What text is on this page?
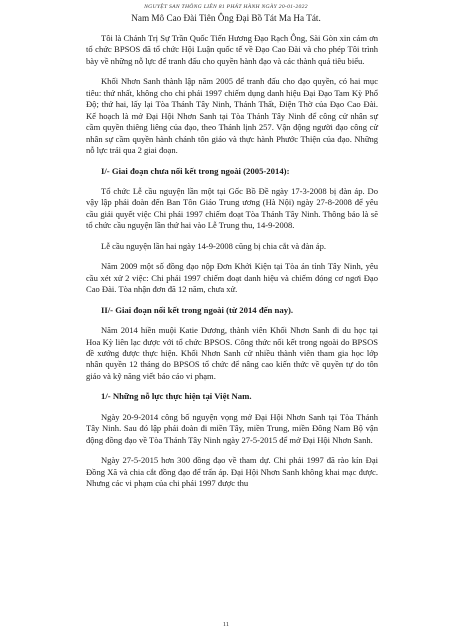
NGUYỆT SAN THÔNG LIÊN 81 PHÁT HÀNH NGÀY 20-01-2022
Nam Mô Cao Đài Tiên Ông Đại Bồ Tát Ma Ha Tát.

Tôi là Chánh Trị Sự Trần Quốc Tiến Hương Đạo Rạch Ông, Sài Gòn xin cám ơn tổ chức BPSOS đã tổ chức Hội Luận quốc tế về Đạo Cao Đài và cho phép Tôi trình bày về những nỗ lực để tranh đấu cho quyền hành đạo và các thành quả tiêu biểu.

Khối Nhơn Sanh thành lập năm 2005 để tranh đấu cho đạo quyền, có hai mục tiêu: thứ nhất, không cho chi phái 1997 chiếm dụng danh hiệu Đại Đạo Tam Kỳ Phổ Độ; thứ hai, lấy lại Tòa Thánh Tây Ninh, Thánh Thất, Điện Thờ của Đạo Cao Đài. Kế hoạch là mở Đại Hội Nhơn Sanh tại Tòa Thánh Tây Ninh để công cử nhân sự cầm quyền thiêng liêng của đạo, theo Thánh lịnh 257. Vận động người đạo công cử nhân sự cầm quyền hành chánh tôn giáo và thực hành Phước Thiện của đạo. Những nỗ lực trải qua 2 giai đoạn.

I/- Giai đoạn chưa nối kết trong ngoài (2005-2014):

Tổ chức Lễ cầu nguyện lần một tại Gốc Bồ Đề ngày 17-3-2008 bị đàn áp. Do vậy lập phái đoàn đến Ban Tôn Giáo Trung ương (Hà Nội) ngày 27-8-2008 để yêu cầu giải quyết việc Chi phái 1997 chiếm đoạt Tòa Thánh Tây Ninh. Thông báo là sẽ tổ chức cầu nguyện lần thứ hai vào Lễ Trung thu, 14-9-2008.

Lễ cầu nguyện lần hai ngày 14-9-2008 cũng bị chia cắt và đàn áp.

Năm 2009 một số đồng đạo nộp Đơn Khởi Kiện tại Tòa án tỉnh Tây Ninh, yêu cầu xét xử 2 việc: Chi phái 1997 chiếm đoạt danh hiệu và chiếm đóng cơ ngơi Đạo Cao Đài. Tòa nhận đơn đã 12 năm, chưa xử.

II/- Giai đoạn nối kết trong ngoài (từ 2014 đến nay).

Năm 2014 hiền muội Katie Dương, thành viên Khối Nhơn Sanh đi du học tại Hoa Kỳ liên lạc được với tổ chức BPSOS. Công thức nối kết trong ngoài do BPSOS đề xướng được thực hiện. Khối Nhơn Sanh cử nhiều thành viên tham gia học lớp nhân quyền 12 tháng do BPSOS tổ chức để nâng cao kiến thức về quyền tự do tôn giáo và kỹ năng viết báo cáo vi phạm.

1/- Những nỗ lực thực hiện tại Việt Nam.

Ngày 20-9-2014 công bố nguyện vọng mở Đại Hội Nhơn Sanh tại Tòa Thánh Tây Ninh. Sau đó lập phái đoàn đi miền Tây, miền Trung, miền Đông Nam Bộ vận động đồng đạo về Tòa Thánh Tây Ninh ngày 27-5-2015 để mở Đại Hội Nhơn Sanh.

Ngày 27-5-2015 hơn 300 đồng đạo về tham dự. Chi phái 1997 đã rào kín Đại Đồng Xã và chia cắt đồng đạo để trấn áp. Đại Hội Nhơn Sanh không khai mạc được. Nhưng các vi phạm của chi phái 1997 được thu

11
